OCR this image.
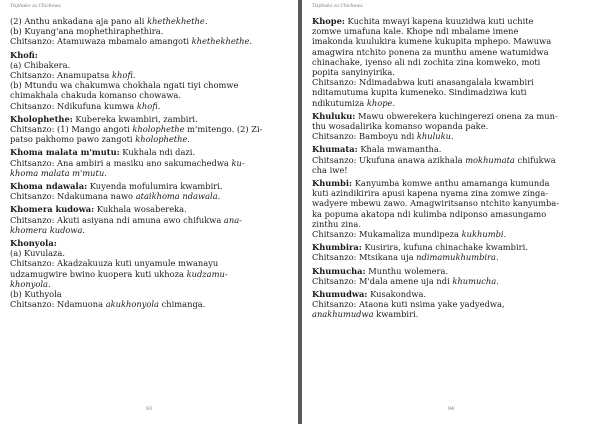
Tsiphuko za Chichewa
(2) Anthu ankadana aja pano ali khethekhethe.
(b) Kuyang'ana mophethiraphethira.
Chitsanzo: Atamuwaza mbamalo amangoti khethekhethe.
Khofi:
(a) Chibakera.
Chitsanzo: Anamupatsa khofi.
(b) Mtundu wa chakumwa chokhala ngati tiyi chomwe
chimakhala chakuda komanso chowawa.
Chitsanzo: Ndikufuna kumwa khofi.
Kholophethe: Kubereka kwambiri, zambiri.
Chitsanzo: (1) Mango angoti kholophethe m'mitengo. (2) Zi-
patso pakhomo pawo zangoti kholophethe.
Khoma malata m'mutu: Kukhala ndi dazi.
Chitsanzo: Ana ambiri a masiku ano sakumachedwa ku-
khoma malata m'mutu.
Khoma ndawala: Kuyenda mofulumira kwambiri.
Chitsanzo: Ndakumana nawo ataikhoma ndawala.
Khomera kudowa: Kukhala wosabereka.
Chitsanzo: Akuti asiyana ndi amuna awo chifukwa ana-
khomera kudowa.
Khonyola:
(a) Kuvulaza.
Chitsanzo: Akadzakuuza kuti unyamule mwanayu
udzamugwire bwino kuopera kuti ukhoza kudzamu-
khonyola.
(b) Kuthyola
Chitsanzo: Ndamuona akukhonyola chimanga.
93
Tsiphuko za Chichewa
Khope: Kuchita mwayi kapena kuuzidwa kuti uchite
zomwe umafuna kale. Khope ndi mbalame imene
imakonda kuulukira kumene kukupita mphepo. Mawuwa
amagwira ntchito ponena za munthu amene watumidwa
chinachake, iyenso ali ndi zochita zina komweko, moti
popita sanyinyirika.
Chitsanzo: Ndimadabwa kuti anasangalala kwambiri
nditamutuma kupita kumeneko. Sindimadziwa kuti
ndikutumiza khope.
Khuluku: Mawu obwerekera kuchingerezi onena za mun-
thu wosadalirika komanso wopanda pake.
Chitsanzo: Bamboyu ndi khuluku.
Khumata: Khala mwamantha.
Chitsanzo: Ukufuna anawa azikhala mokhumata chifukwa
cha iwe!
Khumbi: Kanyumba komwe anthu amamanga kumunda
kuti azindikirira apusi kapena nyama zina zomwe zinga-
wadyere mbewu zawo. Amagwiritsanso ntchito kanyumba-
ka popuma akatopa ndi kulimba ndiponso amasungamo
zinthu zina.
Chitsanzo: Mukamaliza mundipeza kukhumbi.
Khumbira: Kusirira, kufuna chinachake kwambiri.
Chitsanzo: Mtsikana uja ndimamukhumbira.
Khumucha: Munthu wolemera.
Chitsanzo: M'dala amene uja ndi khumucha.
Khumudwa: Kusakondwa.
Chitsanzo: Ataona kuti nsima yake yadyedwa,
anakhumudwa kwambiri.
94
